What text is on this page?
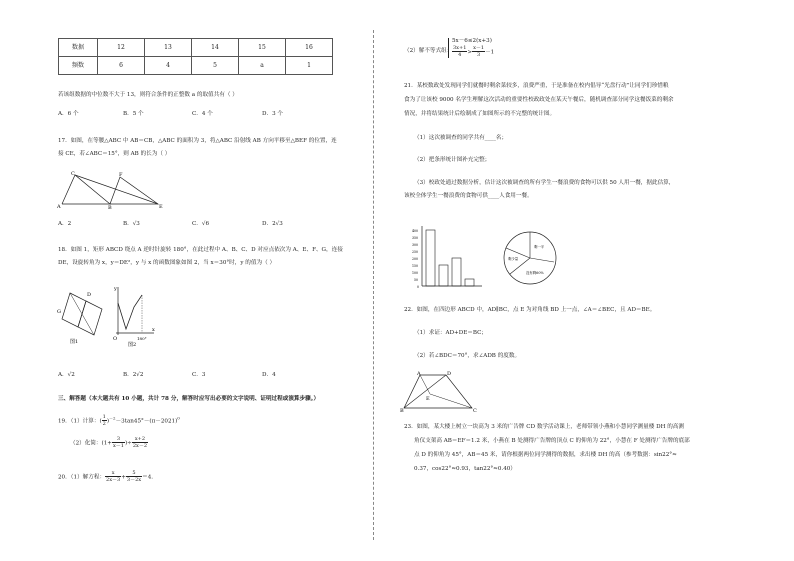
数据	12	13	14	15	16
频数	6	4	5	a	1
若该组数据的中位数不大于 13，则符合条件的正整数 a 的取值共有（ ）
A．6 个	B．5 个	C．4 个	D．3 个
17．如图，在等腰△ABC 中 AB＝CB，△ABC 的面积为 3，将△ABC 沿射线 AB 方向平移至△BEF 的位置，连
接 CE，若∠ABC＝15°，则 AB 的长为（ ）
C	F
A	B	E
A．2	B．√3	C．√6	D．2√3
18．如图 1，矩形 ABCD 绕点 A 逆时针旋转 180°，在此过程中 A、B、C、D 对应点依次为 A、E、F、G，连接
DE，设旋转角为 x，y＝DE²，y 与 x 的函数图象如图 2，当 x＝30°时，y 的值为（ ）
G
D
图1
y
x
O	180°
图2
A．√2	B．2√2	C．3	D．4
三、解答题（本大题共有 10 小题，共计 78 分，解答时应写出必要的文字说明、证明过程或演算步骤。）
19．（1）计算：( $\frac{1}{2} )^{-2}-3\tan 45^\circ-(\pi-2021)^0$
（2）化简：($1+ \frac{3}{x-1}$ )÷ $\frac{x+2}{2x-2}$
20．（1）解方程： $\frac{x}{2x-3} + \frac{5}{3-2x} =4$.
（2）解不等式组：
5x－6≤2(x+3)
$\frac{3x+1}{4} > \frac{x-1}{3} -1$
21．某校数政处发现同学们就餐时剩余菜较多，浪费严重，于是准备在校内倡导“光盘行动”让同学们珍惜粮
食为了让该校 9000 名学生理解这次活动的重要性校政政处在某天午餐后，随机调查部分同学这餐饭菜的剩余
情况，并将结果统计后绘制成了如图所示的不完整的统计图。
（1）这次被调查的同学共有____名；
（2）把条形统计图补充完整；
（3）校政处通过数据分析，估计这次被调查的所有学生一餐浪费的食物可以供 50 人用一餐，据此估算，
该校全体学生一餐浪费的食物可供____人食用一餐。
400
350
300
250
200
150
100
50
0
剩一半
剩少量
没有剩60%
22．如图，在四边形 ABCD 中，AD∥BC，点 E 为对角线 BD 上一点，∠A＝∠BEC，且 AD＝BE。
（1）求证：AD+DE＝BC；
（2）若∠BDC＝70°，求∠ADB 的度数。
A	D
B	C
E
23．如图，某大楼上树立一块高为 3 米的广告牌 CD 数学活动课上，老师带领小燕和小慧同学测量楼 DH 的高测
角仪支架高 AB＝EF＝1.2 米，小燕在 B 处测得广告牌的顶点 C 的仰角为 22°，小慧在 F 处测得广告牌的底部
点 D 的仰角为 45°，AB＝45 米，请你根据两位同学测得的数据，求出楼 DH 的高（参考数据：sin22°≈
0.37，cos22°≈0.93，tan22°≈0.40）
